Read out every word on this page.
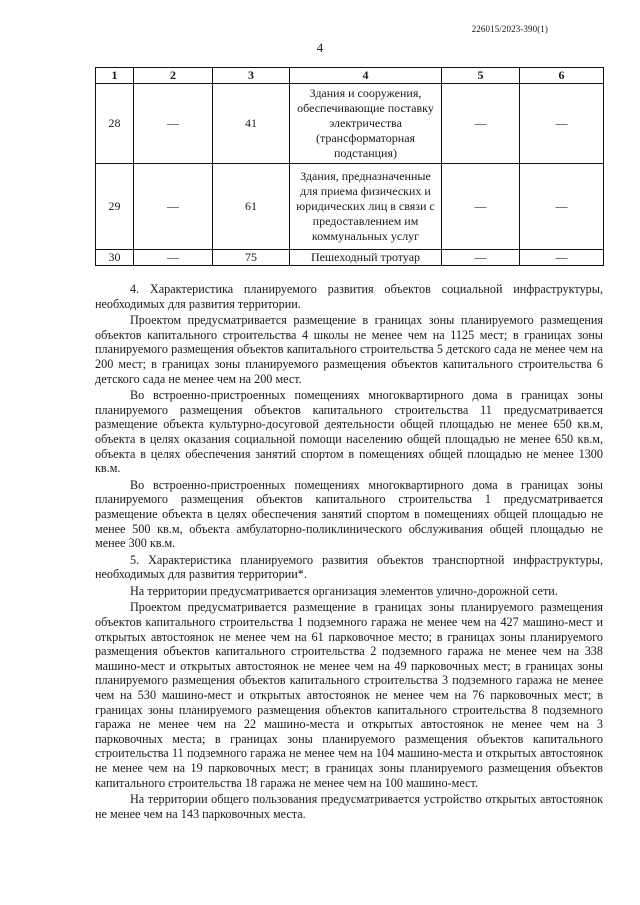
226015/2023-390(1)
4
1	2	3	4	5	6
28	—	41	Здания и сооружения, обеспечивающие поставку электричества (трансформаторная подстанция)	—	—
29	—	61	Здания, предназначенные для приема физических и юридических лиц в связи с предоставлением им коммунальных услуг	—	—
30	—	75	Пешеходный тротуар	—	—

4. Характеристика планируемого развития объектов социальной инфраструктуры, необходимых для развития территории.

Проектом предусматривается размещение в границах зоны планируемого размещения объектов капитального строительства 4 школы не менее чем на 1125 мест; в границах зоны планируемого размещения объектов капитального строительства 5 детского сада не менее чем на 200 мест; в границах зоны планируемого размещения объектов капитального строительства 6 детского сада не менее чем на 200 мест.

Во встроенно-пристроенных помещениях многоквартирного дома в границах зоны планируемого размещения объектов капитального строительства 11 предусматривается размещение объекта культурно-досуговой деятельности общей площадью не менее 650 кв.м, объекта в целях оказания социальной помощи населению общей площадью не менее 650 кв.м, объекта в целях обеспечения занятий спортом в помещениях общей площадью не менее 1300 кв.м.

Во встроенно-пристроенных помещениях многоквартирного дома в границах зоны планируемого размещения объектов капитального строительства 1 предусматривается размещение объекта в целях обеспечения занятий спортом в помещениях общей площадью не менее 500 кв.м, объекта амбулаторно-поликлинического обслуживания общей площадью не менее 300 кв.м.

5. Характеристика планируемого развития объектов транспортной инфраструктуры, необходимых для развития территории*.

На территории предусматривается организация элементов улично-дорожной сети.

Проектом предусматривается размещение в границах зоны планируемого размещения объектов капитального строительства 1 подземного гаража не менее чем на 427 машино-мест и открытых автостоянок не менее чем на 61 парковочное место; в границах зоны планируемого размещения объектов капитального строительства 2 подземного гаража не менее чем на 338 машино-мест и открытых автостоянок не менее чем на 49 парковочных мест; в границах зоны планируемого размещения объектов капитального строительства 3 подземного гаража не менее чем на 530 машино-мест и открытых автостоянок не менее чем на 76 парковочных мест; в границах зоны планируемого размещения объектов капитального строительства 8 подземного гаража не менее чем на 22 машино-места и открытых автостоянок не менее чем на 3 парковочных места; в границах зоны планируемого размещения объектов капитального строительства 11 подземного гаража не менее чем на 104 машино-места и открытых автостоянок не менее чем на 19 парковочных мест; в границах зоны планируемого размещения объектов капитального строительства 18 гаража не менее чем на 100 машино-мест.

На территории общего пользования предусматривается устройство открытых автостоянок не менее чем на 143 парковочных места.
